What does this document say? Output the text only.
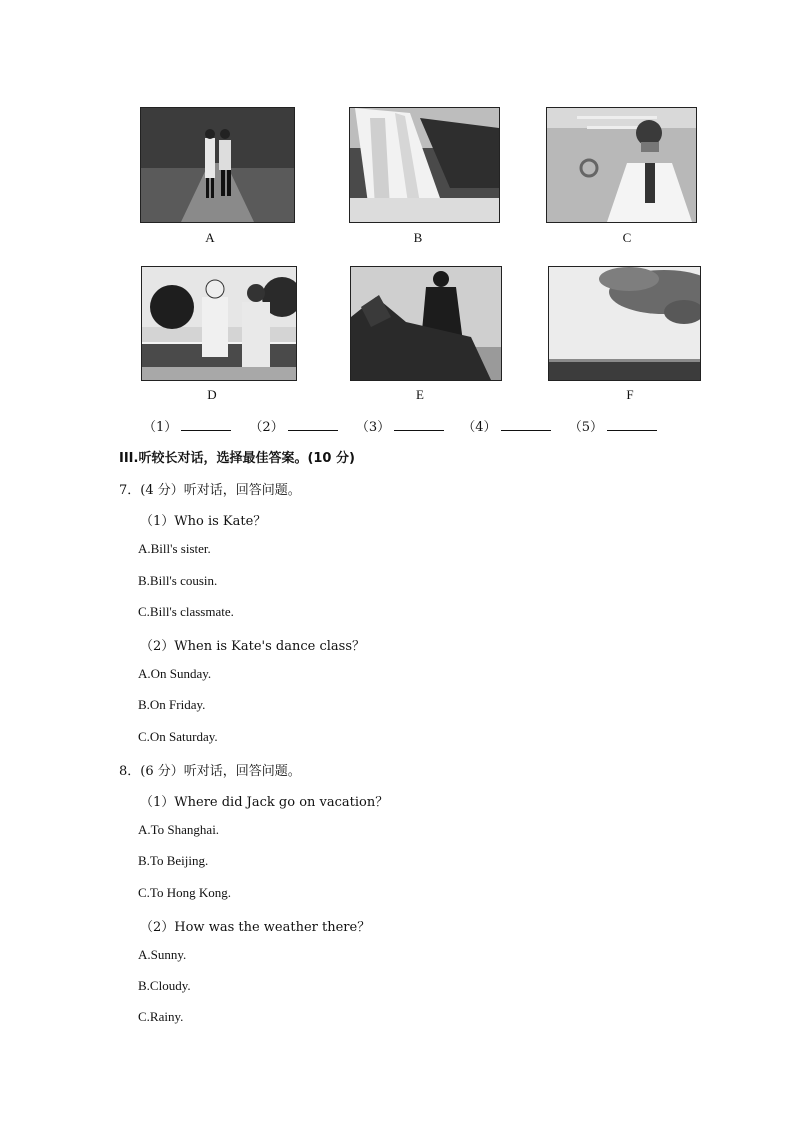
A	B	C
D	E	F
（1）	（2）	（3）	（4）	（5）
III.听较长对话，选择最佳答案。(10 分)
7．(4 分）听对话，回答问题。
（1）Who is Kate？
A.Bill's sister.
B.Bill's cousin.
C.Bill's classmate.
（2）When is Kate's dance class？
A.On Sunday.
B.On Friday.
C.On Saturday.
8．(6 分）听对话，回答问题。
（1）Where did Jack go on vacation？
A.To Shanghai.
B.To Beijing.
C.To Hong Kong.
（2）How was the weather there？
A.Sunny.
B.Cloudy.
C.Rainy.
